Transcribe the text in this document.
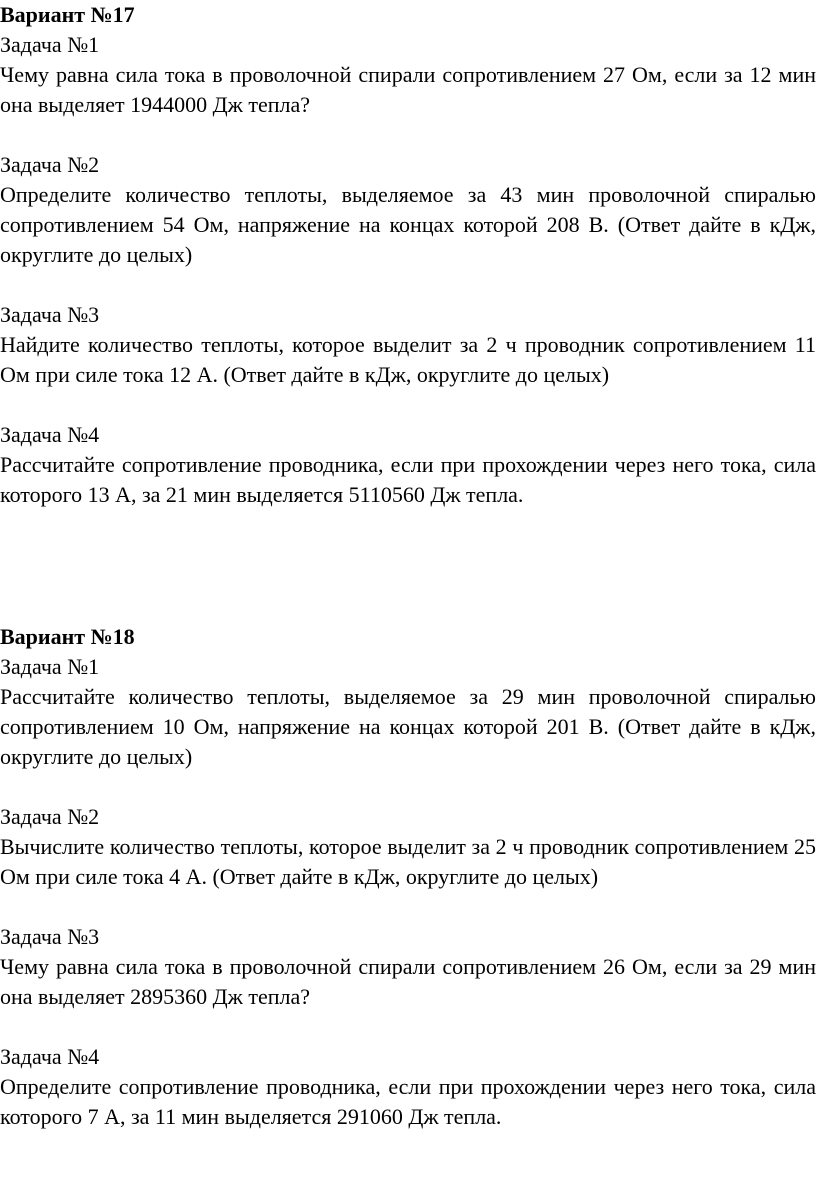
Вариант №17
Задача №1

Чему равна сила тока в проволочной спирали сопротивлением 27 Ом, если за 12 мин она выделяет 1944000 Дж тепла?

Задача №2

Определите количество теплоты, выделяемое за 43 мин проволочной спиралью сопротивлением 54 Ом, напряжение на концах которой 208 В. (Ответ дайте в кДж, округлите до целых)

Задача №3

Найдите количество теплоты, которое выделит за 2 ч проводник сопротивлением 11 Ом при силе тока 12 А. (Ответ дайте в кДж, округлите до целых)

Задача №4

Рассчитайте сопротивление проводника, если при прохождении через него тока, сила которого 13 А, за 21 мин выделяется 5110560 Дж тепла.

Вариант №18
Задача №1

Рассчитайте количество теплоты, выделяемое за 29 мин проволочной спиралью сопротивлением 10 Ом, напряжение на концах которой 201 В. (Ответ дайте в кДж, округлите до целых)

Задача №2

Вычислите количество теплоты, которое выделит за 2 ч проводник сопротивлением 25 Ом при силе тока 4 А. (Ответ дайте в кДж, округлите до целых)

Задача №3

Чему равна сила тока в проволочной спирали сопротивлением 26 Ом, если за 29 мин она выделяет 2895360 Дж тепла?

Задача №4

Определите сопротивление проводника, если при прохождении через него тока, сила которого 7 А, за 11 мин выделяется 291060 Дж тепла.
